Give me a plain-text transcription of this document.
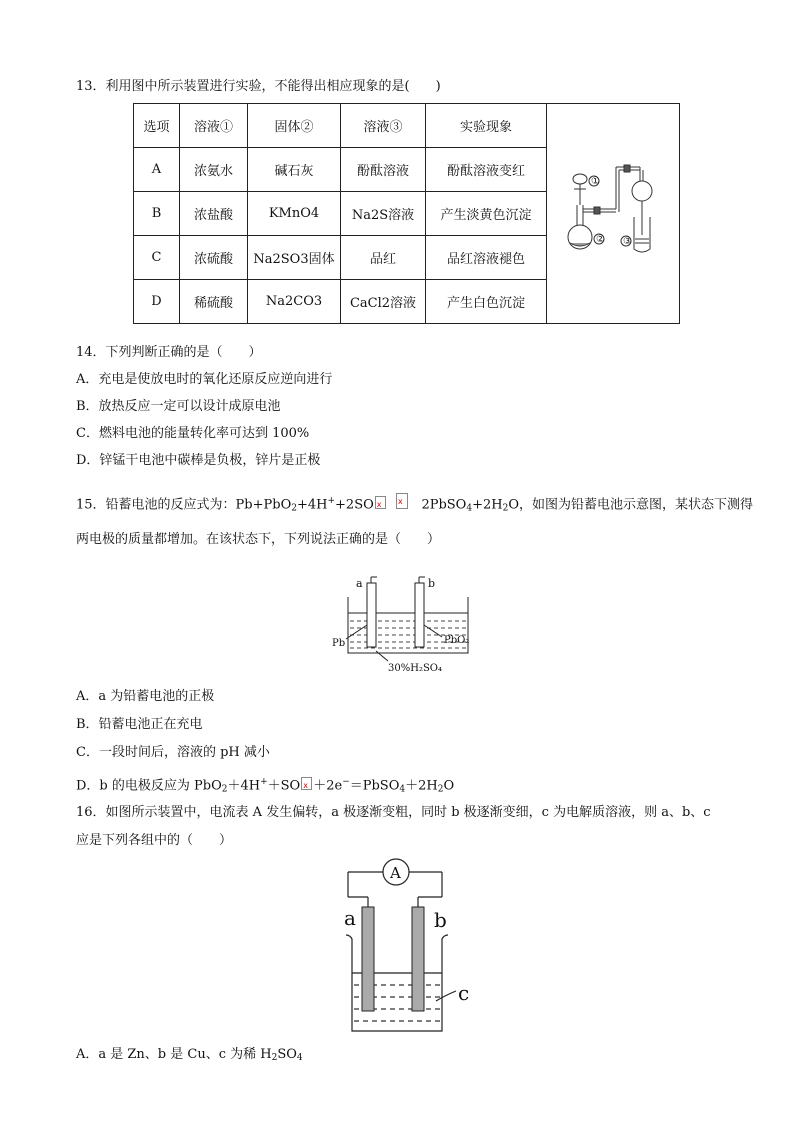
13．利用图中所示装置进行实验，不能得出相应现象的是(　　)
选项	溶液①	固体②	溶液③	实验现象	①
② ③

A	浓氨水	碱石灰	酚酞溶液	酚酞溶液变红	
B	浓盐酸	KMnO4	Na2S溶液	产生淡黄色沉淀	
C	浓硫酸	Na2SO3固体	品红	品红溶液褪色	
D	稀硫酸	Na2CO3	CaCl2溶液	产生白色沉淀	
14．下列判断正确的是（　　）
A．充电是使放电时的氧化还原反应逆向进行
B．放热反应一定可以设计成原电池
C．燃料电池的能量转化率可达到 100%
D．锌锰干电池中碳棒是负极，锌片是正极
15．铅蓄电池的反应式为：Pb+PbO$_2$+4H++2SO x x	$2PbSO_4+2H_2O$，如图为铅蓄电池示意图，某状态下测得
两电极的质量都增加。在该状态下，下列说法正确的是（　　）
a	b
Pb	PbO₂
30%H₂SO₄
A．a 为铅蓄电池的正极
B．铅蓄电池正在充电
C．一段时间后，溶液的 pH 减小
D．b 的电极反应为 PbO$_2$＋4H+＋SO $x +2e^-=PbSO_4+2H_2O$
16．如图所示装置中，电流表 A 发生偏转，a 极逐渐变粗，同时 b 极逐渐变细，c 为电解质溶液，则 a、b、c
应是下列各组中的（　　）
A
a	b
c
A．a 是 Zn、b 是 Cu、c 为稀 $H_2SO_4$
